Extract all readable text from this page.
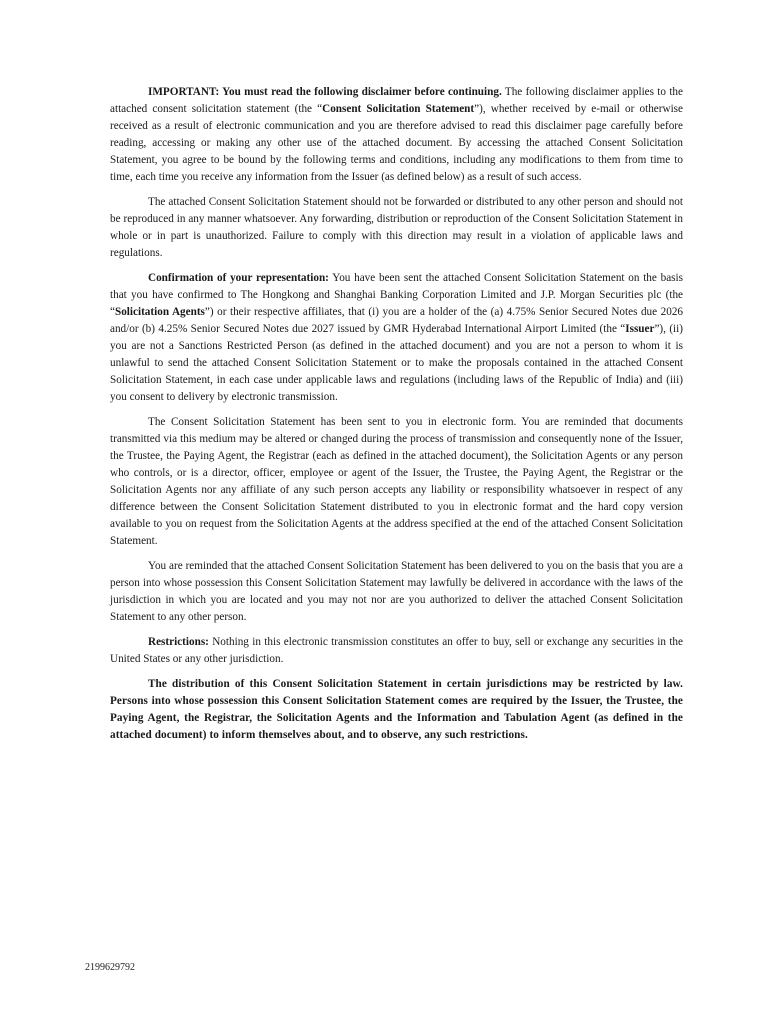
IMPORTANT: You must read the following disclaimer before continuing. The following disclaimer applies to the attached consent solicitation statement (the “Consent Solicitation Statement”), whether received by e-mail or otherwise received as a result of electronic communication and you are therefore advised to read this disclaimer page carefully before reading, accessing or making any other use of the attached document. By accessing the attached Consent Solicitation Statement, you agree to be bound by the following terms and conditions, including any modifications to them from time to time, each time you receive any information from the Issuer (as defined below) as a result of such access.

The attached Consent Solicitation Statement should not be forwarded or distributed to any other person and should not be reproduced in any manner whatsoever. Any forwarding, distribution or reproduction of the Consent Solicitation Statement in whole or in part is unauthorized. Failure to comply with this direction may result in a violation of applicable laws and regulations.

Confirmation of your representation: You have been sent the attached Consent Solicitation Statement on the basis that you have confirmed to The Hongkong and Shanghai Banking Corporation Limited and J.P. Morgan Securities plc (the “Solicitation Agents”) or their respective affiliates, that (i) you are a holder of the (a) 4.75% Senior Secured Notes due 2026 and/or (b) 4.25% Senior Secured Notes due 2027 issued by GMR Hyderabad International Airport Limited (the “Issuer”), (ii) you are not a Sanctions Restricted Person (as defined in the attached document) and you are not a person to whom it is unlawful to send the attached Consent Solicitation Statement or to make the proposals contained in the attached Consent Solicitation Statement, in each case under applicable laws and regulations (including laws of the Republic of India) and (iii) you consent to delivery by electronic transmission.

The Consent Solicitation Statement has been sent to you in electronic form. You are reminded that documents transmitted via this medium may be altered or changed during the process of transmission and consequently none of the Issuer, the Trustee, the Paying Agent, the Registrar (each as defined in the attached document), the Solicitation Agents or any person who controls, or is a director, officer, employee or agent of the Issuer, the Trustee, the Paying Agent, the Registrar or the Solicitation Agents nor any affiliate of any such person accepts any liability or responsibility whatsoever in respect of any difference between the Consent Solicitation Statement distributed to you in electronic format and the hard copy version available to you on request from the Solicitation Agents at the address specified at the end of the attached Consent Solicitation Statement.

You are reminded that the attached Consent Solicitation Statement has been delivered to you on the basis that you are a person into whose possession this Consent Solicitation Statement may lawfully be delivered in accordance with the laws of the jurisdiction in which you are located and you may not nor are you authorized to deliver the attached Consent Solicitation Statement to any other person.

Restrictions: Nothing in this electronic transmission constitutes an offer to buy, sell or exchange any securities in the United States or any other jurisdiction.

The distribution of this Consent Solicitation Statement in certain jurisdictions may be restricted by law. Persons into whose possession this Consent Solicitation Statement comes are required by the Issuer, the Trustee, the Paying Agent, the Registrar, the Solicitation Agents and the Information and Tabulation Agent (as defined in the attached document) to inform themselves about, and to observe, any such restrictions.

2199629792
